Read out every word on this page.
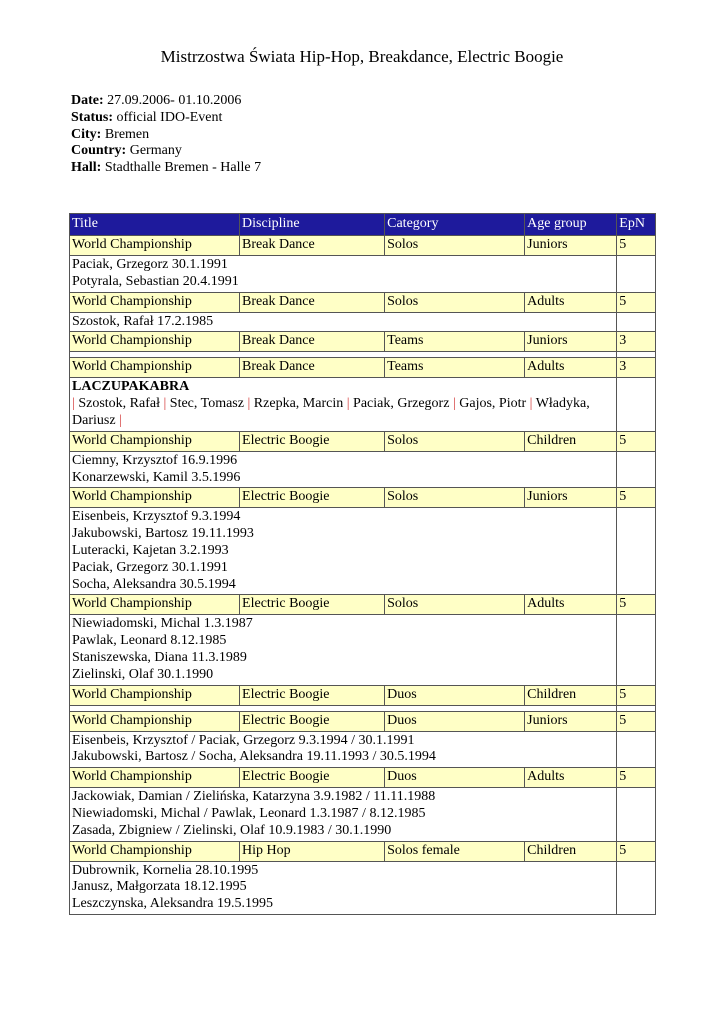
Mistrzostwa Świata Hip-Hop, Breakdance, Electric Boogie
Date: 27.09.2006- 01.10.2006
Status: official IDO-Event
City: Bremen
Country: Germany
Hall: Stadthalle Bremen - Halle 7
Title	Discipline	Category	Age group	EpN
World Championship	Break Dance	Solos	Juniors	5

Paciak, Grzegorz 30.1.1991
Potyrala, Sebastian 20.4.1991				

World Championship	Break Dance	Solos	Adults	5

Szostok, Rafał 17.2.1985				

World Championship	Break Dance	Teams	Juniors	3

World Championship	Break Dance	Teams	Adults	3

LACZUPAKABRA
| Szostok, Rafał | Stec, Tomasz | Rzepka, Marcin | Paciak, Grzegorz | Gajos, Piotr | Władyka, Dariusz |				
World Championship	Electric Boogie	Solos	Children	5

Ciemny, Krzysztof 16.9.1996
Konarzewski, Kamil 3.5.1996				

World Championship	Electric Boogie	Solos	Juniors	5

Eisenbeis, Krzysztof 9.3.1994
Jakubowski, Bartosz 19.11.1993
Luteracki, Kajetan 3.2.1993
Paciak, Grzegorz 30.1.1991
Socha, Aleksandra 30.5.1994				

World Championship	Electric Boogie	Solos	Adults	5

Niewiadomski, Michal 1.3.1987
Pawlak, Leonard 8.12.1985
Staniszewska, Diana 11.3.1989
Zielinski, Olaf 30.1.1990				

World Championship	Electric Boogie	Duos	Children	5

World Championship	Electric Boogie	Duos	Juniors	5

Eisenbeis, Krzysztof / Paciak, Grzegorz 9.3.1994 / 30.1.1991
Jakubowski, Bartosz / Socha, Aleksandra 19.11.1993 / 30.5.1994				

World Championship	Electric Boogie	Duos	Adults	5

Jackowiak, Damian / Zielińska, Katarzyna 3.9.1982 / 11.11.1988
Niewiadomski, Michal / Pawlak, Leonard 1.3.1987 / 8.12.1985
Zasada, Zbigniew / Zielinski, Olaf 10.9.1983 / 30.1.1990				

World Championship	Hip Hop	Solos female	Children	5

Dubrownik, Kornelia 28.10.1995
Janusz, Małgorzata 18.12.1995
Leszczynska, Aleksandra 19.5.1995				
